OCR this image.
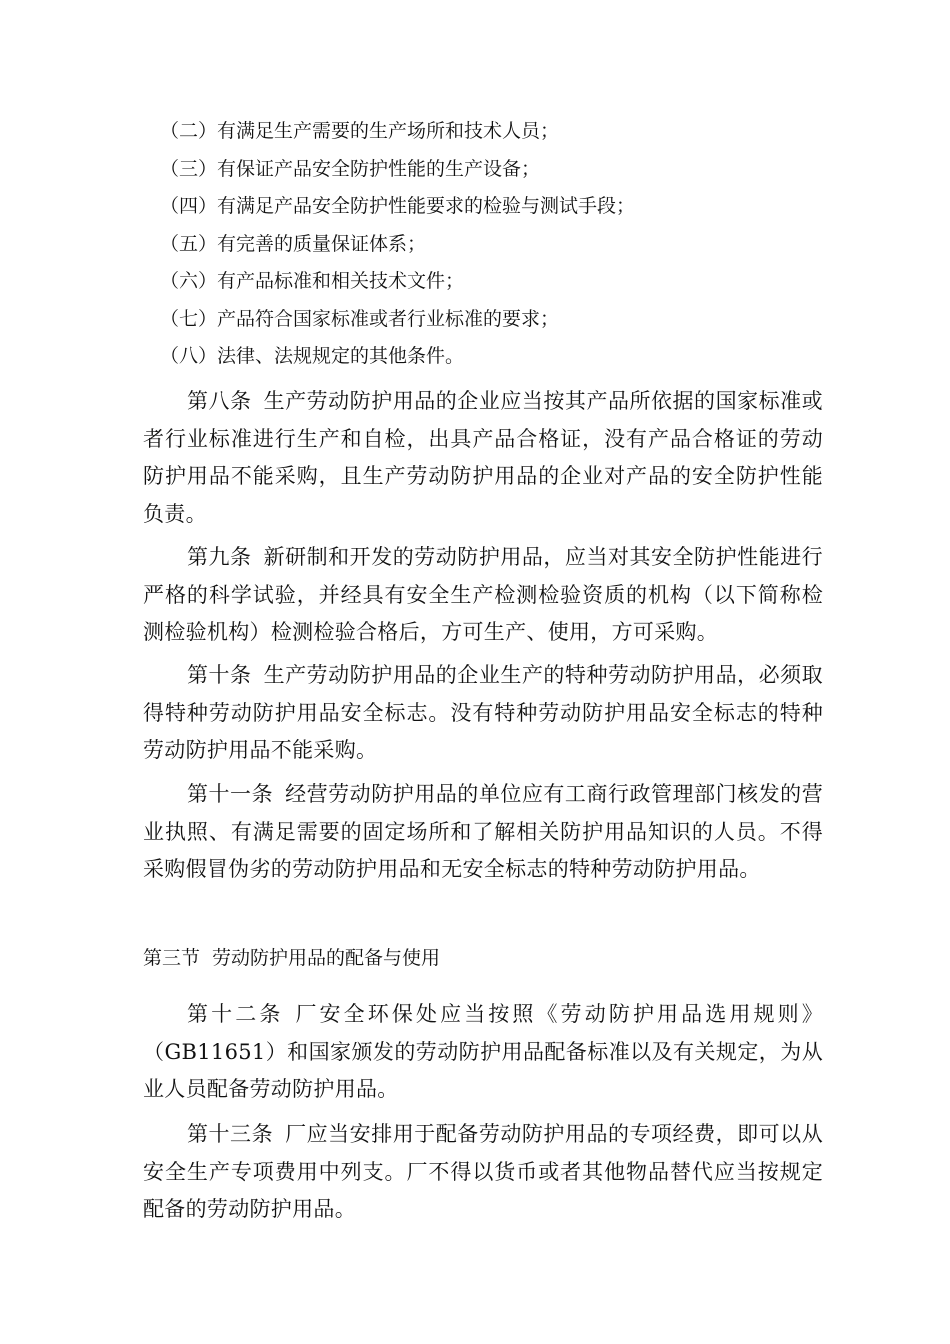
（二）有满足生产需要的生产场所和技术人员；

（三）有保证产品安全防护性能的生产设备；

（四）有满足产品安全防护性能要求的检验与测试手段；

（五）有完善的质量保证体系；

（六）有产品标准和相关技术文件；

（七）产品符合国家标准或者行业标准的要求；

（八）法律、法规规定的其他条件。

第八条 生产劳动防护用品的企业应当按其产品所依据的国家标准或者行业标准进行生产和自检，出具产品合格证，没有产品合格证的劳动防护用品不能采购，且生产劳动防护用品的企业对产品的安全防护性能负责。

第九条 新研制和开发的劳动防护用品，应当对其安全防护性能进行严格的科学试验，并经具有安全生产检测检验资质的机构（以下简称检测检验机构）检测检验合格后，方可生产、使用，方可采购。

第十条 生产劳动防护用品的企业生产的特种劳动防护用品，必须取得特种劳动防护用品安全标志。没有特种劳动防护用品安全标志的特种劳动防护用品不能采购。

第十一条 经营劳动防护用品的单位应有工商行政管理部门核发的营业执照、有满足需要的固定场所和了解相关防护用品知识的人员。不得采购假冒伪劣的劳动防护用品和无安全标志的特种劳动防护用品。

第三节 劳动防护用品的配备与使用

第十二条 厂安全环保处应当按照《劳动防护用品选用规则》（GB11651）和国家颁发的劳动防护用品配备标准以及有关规定，为从业人员配备劳动防护用品。

第十三条 厂应当安排用于配备劳动防护用品的专项经费，即可以从安全生产专项费用中列支。厂不得以货币或者其他物品替代应当按规定配备的劳动防护用品。
